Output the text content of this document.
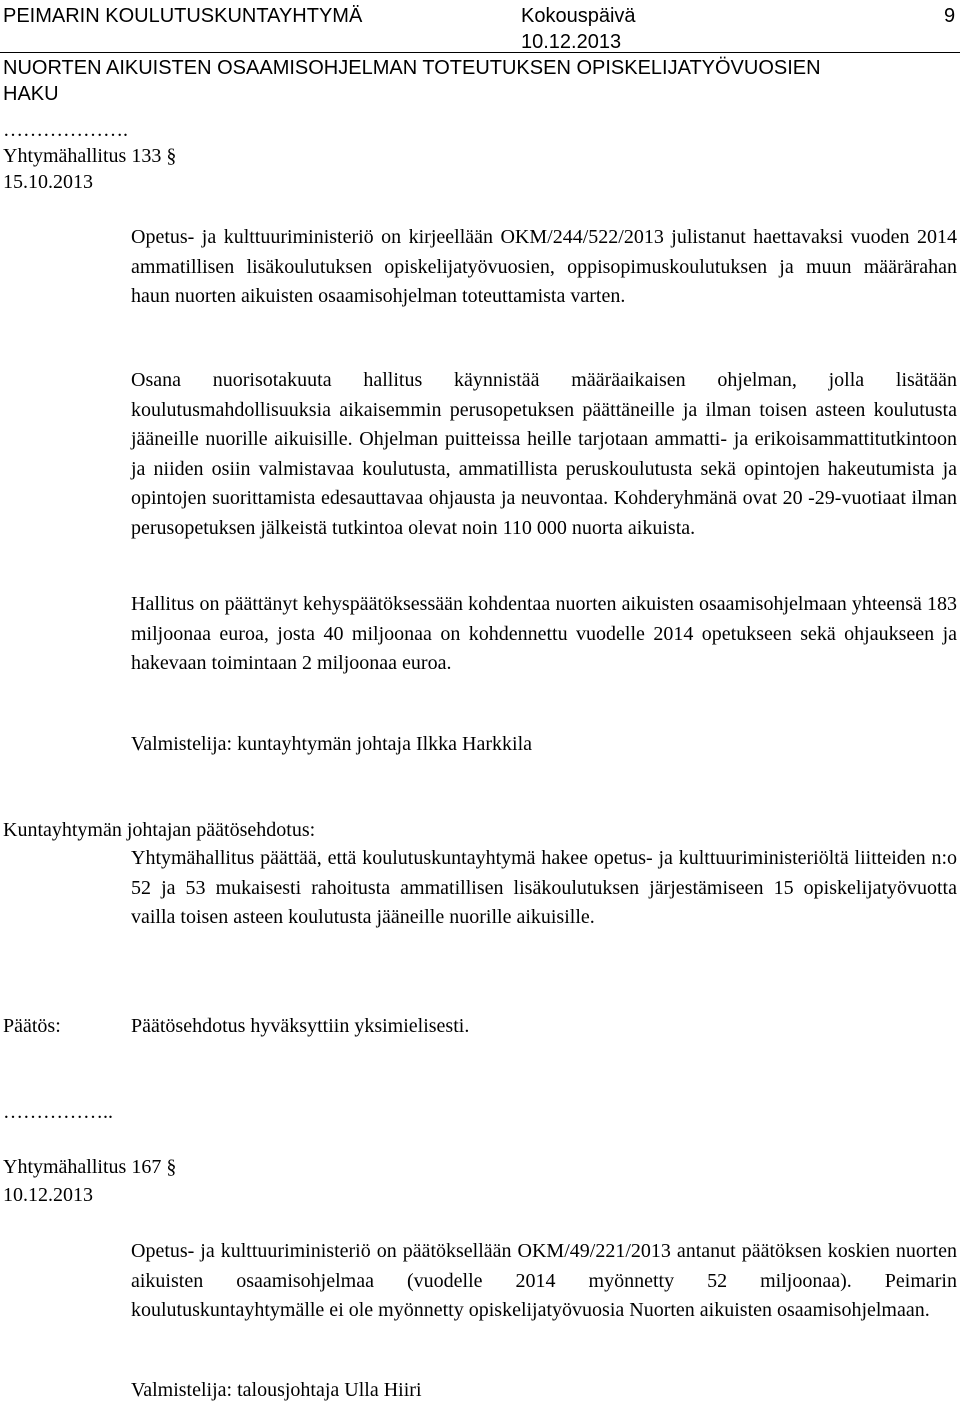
PEIMARIN KOULUTUSKUNTAYHTYMÄ	Kokouspäivä	9
10.12.2013
NUORTEN AIKUISTEN OSAAMISOHJELMAN TOTEUTUKSEN OPISKELIJATYÖVUOSIEN
HAKU
……………….
Yhtymähallitus 133 §
15.10.2013
Opetus- ja kulttuuriministeriö on kirjeellään OKM/244/522/2013 julistanut haettavaksi vuoden 2014 ammatillisen lisäkoulutuksen opiskelijatyövuosien, oppisopimuskoulutuksen ja muun määrärahan haun nuorten aikuisten osaamisohjelman toteuttamista varten.
Osana nuorisotakuuta hallitus käynnistää määräaikaisen ohjelman, jolla lisätään koulutusmahdollisuuksia aikaisemmin perusopetuksen päättäneille ja ilman toisen asteen koulutusta jääneille nuorille aikuisille. Ohjelman puitteissa heille tarjotaan ammatti- ja erikoisammattitutkintoon ja niiden osiin valmistavaa koulutusta, ammatillista peruskoulutusta sekä opintojen hakeutumista ja opintojen suorittamista edesauttavaa ohjausta ja neuvontaa. Kohderyhmänä ovat 20 -29-vuotiaat ilman perusopetuksen jälkeistä tutkintoa olevat noin 110 000 nuorta aikuista.
Hallitus on päättänyt kehyspäätöksessään kohdentaa nuorten aikuisten osaamisohjelmaan yhteensä 183 miljoonaa euroa, josta 40 miljoonaa on kohdennettu vuodelle 2014 opetukseen sekä ohjaukseen ja hakevaan toimintaan 2 miljoonaa euroa.
Valmistelija: kuntayhtymän johtaja Ilkka Harkkila
Kuntayhtymän johtajan päätösehdotus:
Yhtymähallitus päättää, että koulutuskuntayhtymä hakee opetus- ja kulttuuriministeriöltä liitteiden n:o 52 ja 53 mukaisesti rahoitusta ammatillisen lisäkoulutuksen järjestämiseen 15 opiskelijatyövuotta vailla toisen asteen koulutusta jääneille nuorille aikuisille.
Päätös:	Päätösehdotus hyväksyttiin yksimielisesti.
……………..
Yhtymähallitus 167 §
10.12.2013
Opetus- ja kulttuuriministeriö on päätöksellään OKM/49/221/2013 antanut päätöksen koskien nuorten aikuisten osaamisohjelmaa (vuodelle 2014 myönnetty 52 miljoonaa). Peimarin koulutuskuntayhtymälle ei ole myönnetty opiskelijatyövuosia Nuorten aikuisten osaamisohjelmaan.
Valmistelija: talousjohtaja Ulla Hiiri
